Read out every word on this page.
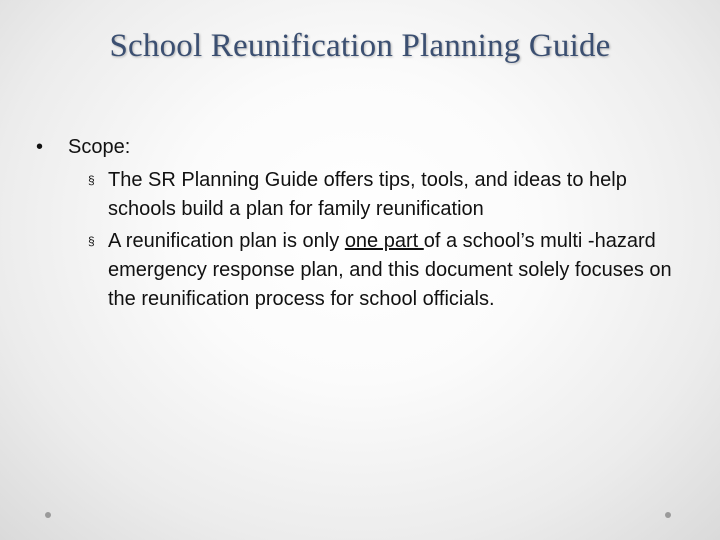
School Reunification Planning Guide
• Scope:
§ The SR Planning Guide offers tips, tools, and ideas to help schools build a plan for family reunification
§ A reunification plan is only one part of a school’s multi -hazard emergency response plan, and this document solely focuses on the reunification process for school officials.
